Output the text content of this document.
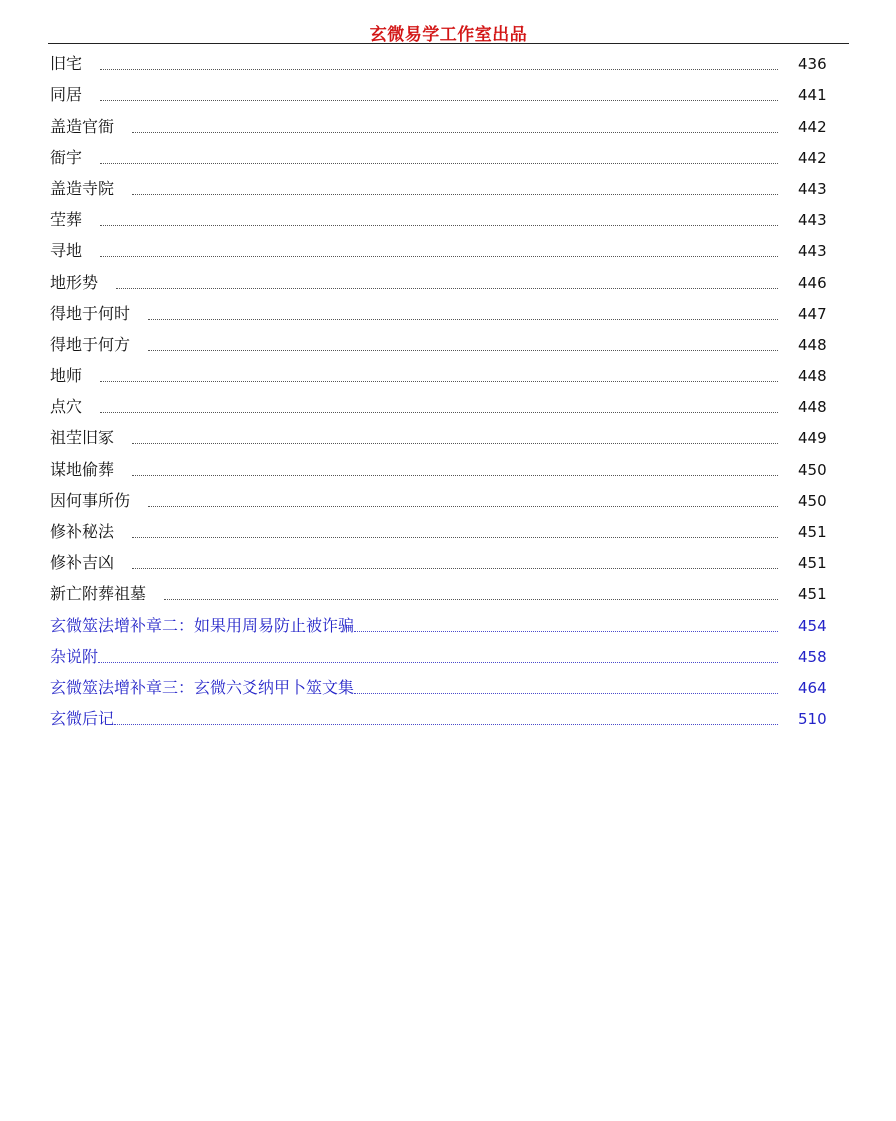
玄微易学工作室出品
旧宅	436
同居	441
盖造官衙	442
衙宇	442
盖造寺院	443
茔葬	443
寻地	443
地形势	446
得地于何时	447
得地于何方	448
地师	448
点穴	448
祖茔旧冢	449
谋地偷葬	450
因何事所伤	450
修补秘法	451
修补吉凶	451
新亡附葬祖墓	451
玄微筮法增补章二：如果用周易防止被诈骗	454
杂说附	458
玄微筮法增补章三：玄微六爻纳甲卜筮文集	464
玄微后记	510
